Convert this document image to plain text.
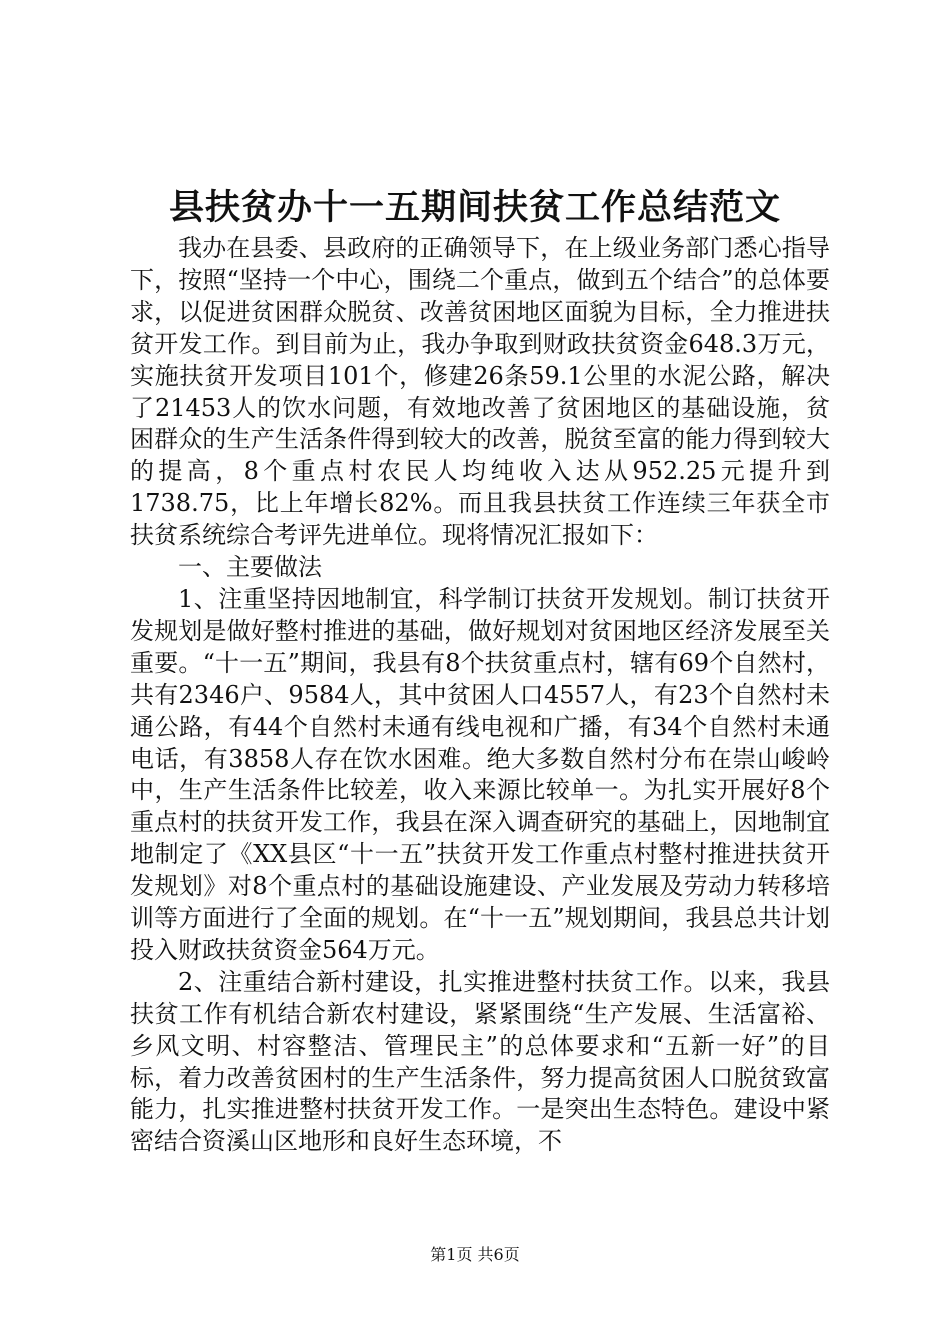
县扶贫办十一五期间扶贫工作总结范文

我办在县委、县政府的正确领导下，在上级业务部门悉心指导下，按照“坚持一个中心，围绕二个重点，做到五个结合”的总体要求，以促进贫困群众脱贫、改善贫困地区面貌为目标，全力推进扶贫开发工作。到目前为止，我办争取到财政扶贫资金648.3万元，实施扶贫开发项目101个，修建26条59.1公里的水泥公路，解决了21453人的饮水问题，有效地改善了贫困地区的基础设施，贫困群众的生产生活条件得到较大的改善，脱贫至富的能力得到较大的提高，8个重点村农民人均纯收入达从952.25元提升到1738.75，比上年增长82%。而且我县扶贫工作连续三年获全市扶贫系统综合考评先进单位。现将情况汇报如下：

一、主要做法

1、注重坚持因地制宜，科学制订扶贫开发规划。制订扶贫开发规划是做好整村推进的基础，做好规划对贫困地区经济发展至关重要。“十一五”期间，我县有8个扶贫重点村，辖有69个自然村，共有2346户、9584人，其中贫困人口4557人，有23个自然村未通公路，有44个自然村未通有线电视和广播，有34个自然村未通电话，有3858人存在饮水困难。绝大多数自然村分布在崇山峻岭中，生产生活条件比较差，收入来源比较单一。为扎实开展好8个重点村的扶贫开发工作，我县在深入调查研究的基础上，因地制宜地制定了《XX县区“十一五”扶贫开发工作重点村整村推进扶贫开发规划》对8个重点村的基础设施建设、产业发展及劳动力转移培训等方面进行了全面的规划。在“十一五”规划期间，我县总共计划投入财政扶贫资金564万元。

2、注重结合新村建设，扎实推进整村扶贫工作。以来，我县扶贫工作有机结合新农村建设，紧紧围绕“生产发展、生活富裕、乡风文明、村容整洁、管理民主”的总体要求和“五新一好”的目标，着力改善贫困村的生产生活条件，努力提高贫困人口脱贫致富能力，扎实推进整村扶贫开发工作。一是突出生态特色。建设中紧密结合资溪山区地形和良好生态环境，不

第1页 共6页
